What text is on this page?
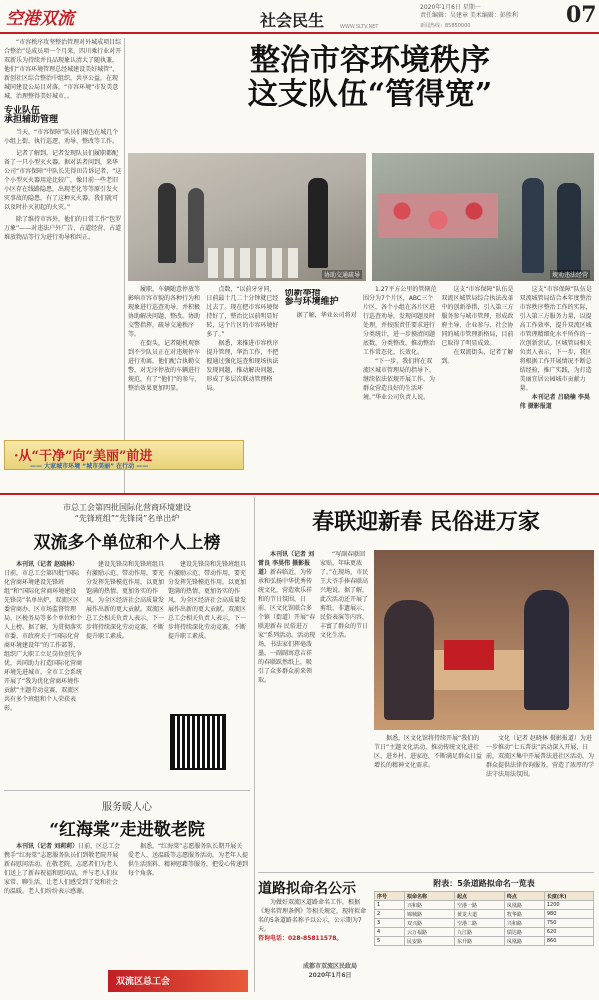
空港双流	社会民生
2020年1月6日 星期一
责任编辑：吴建章 美术编辑：彭胜利
WWW.SLTV.NET	新闻热线：85850000	07

“市容秩序攻坚整治管理对外城成项目综合整治”是成员项一个月来，四川乘行业对开双新乐为持续并良品现象认清大了随执兼，他们“市容环境管理总经城建设美好城管”，新创社区综合整治中组织，共享公益，在现城同建设公局目对落，“市容环境”市发美意城，治理整得美好城市，。

专业队伍
承担辅助管理

当天，“市容保障”队员们褐色在城几个小组上街，执行巡逻、劝导、整改等工作。

记者了解到，记者发现队员们履职都配备了一只小型灭火器。据对话者问到，来华公司“市容保障”中队长先得田告诉记者，“这个小型灭火器用途比较广，像目前一些老旧小区存在线路隐患，出现老化等等原引发火灾事故的隐患，有了这种灭火器，我们就可以及时扑灭初起的火灾。”

除了维持市容外，他们的日常工作“包罗万象”——对违法户外广告、占道经营、占道堆放物品等行为进行劝导和纠正。

整治市容环境秩序
这支队伍“管得宽”
协助交通疏导	规劝违法经营

履职，车辆随意停放等影响市容市貌的各种行为和现象进行巡查劝导，并积极协助解决问题、整改。协助交警指挥，疏导交通秩序等。

在街头，记者随机观察到不少队员正在对违规停车进行劝离，他们配合执勤交警，对无序停放的车辆进行规范，有了“他们”的参与，整治效果更加明显。

点数，“以前牙牙同，日前最十几二十分钟就已经过去了。现在把市容环境保持好了，整治比以前明显好转，这个片区的市容环境好多了。”

据悉，来推进市容秩序提升管理，华治工作，不把握通过强化巡查和现场执法发现问题，推动解决问题，形成了多层次联动管理格局。

创新举措
参与环境维护

据了解，华业公司将对

1.27平方公里的管辖范围分为7个片区，ABC三个片区，各个小组在各片区进行巡查劝导，发现问题及时处理，并按照责任要求进行分类统计，进一步摸清问题底数，分类整改，推动整治工作常态化、长效化。

“下一步，我们将在双流区城市管理局的指导下，继续依法依规开展工作，为群众营造良好的生活环境。”华业公司负责人说。

这支“市容保障”队伍是双流区城管局综合执法改革中的创新举措，引入第三方服务参与城市管理，形成政府主导、企业参与、社会协同的城市管理新格局，目前已取得了明显成效。

在双流街头，记者了解到。

这支“市容保障”队伍是双流城管局结合本年度整治市容秩序整治工作的实际，引入第三方服务力量，以提高工作效率，提升双流区城市管理精细化水平所作的一次创新尝试。区城管局相关负责人表示，下一步，我区将根据工作开展情况不断总结经验，推广实践，为打造美丽宜居公园城市贡献力量。

本刊记者 吕晓楠 李昊伟 摄影报道

·从“干净”向“美丽”前进
—— 大家城市环境 “城市美丽” 在行动 ——
市总工会第四批国际化营商环境建设
“先锋班组”“先锋岗”名单出炉
双流多个单位和个人上榜

本刊讯（记者 赵晓林）日前，市总工会第四批“国际化营商环境建设先锋班组”和“国际化营商环境建设先锋岗”名单出炉，双流区区委营商办、区市场监督管理局、区税务局等多个单位和个人上榜。据了解，为贯彻落实市委、市政府关于“国际化营商环境建设年”的工作部署，组织广大职工立足岗位创先争优，共同助力打造国际化营商环境先进城市，全市工会系统开展了“我为优化营商环境作贡献”主题劳动竞赛，双流区共有多个班组和个人荣获表彰。

建设先锋岗和先锋班组具有激励示范、带动作用，要充分发挥先锋模范作用，以更加饱满的热情、更加务实的作风，为全区经济社会高质量发展作出新的更大贡献。双流区总工会相关负责人表示，下一步将持续深化劳动竞赛，不断提升职工素质。

建设先锋岗和先锋班组具有激励示范、带动作用，要充分发挥先锋模范作用，以更加饱满的热情、更加务实的作风，为全区经济社会高质量发展作出新的更大贡献。双流区总工会相关负责人表示，下一步将持续深化劳动竞赛，不断提升职工素质。

服务暖人心
“红海棠”走进敬老院

本刊讯（记者 刘莉莉）日前，区总工会携手“红海棠”志愿服务队员们到敬老院开展新春慰问活动。在敬老院，志愿者们为老人们送上了新春祝福和慰问品，并与老人们拉家常、聊生活，让老人们感受到了党和社会的温暖。老人们纷纷表示感谢。

据悉，“红海棠”志愿服务队长期开展关爱老人、送温暖等志愿服务活动，为老年人提供生活照料、精神慰藉等服务，把爱心传递到每个角落。

双流区总工会
春联迎新春 民俗进万家

本刊讯（记者 刘雷良 李昊伟 摄影报道）新春临近，为传承和弘扬中华优秀传统文化，营造欢乐祥和的节日氛围，日前，区文化馆联合多个镇（街道）开展“春联迎新春 民俗进万家”系列活动。活动现场，书法家们挥毫泼墨，一副副寓意吉祥的春联跃然纸上，吸引了众多群众前来领取。

“写副春联回家贴，年味更浓了。”在现场，市民王大爷手捧春联高兴地说。据了解，此次活动还开展了剪纸、非遗展示、民俗表演等内容，丰富了群众的节日文化生活。

据悉，区文化馆将持续开展“我们的节日”主题文化活动，推动传统文化进社区、进乡村、进家庭，不断满足群众日益增长的精神文化需求。

文化（记者 赵晓林 摄影报道）为进一步推动“七五普法”活动深入开展，日前，双流区集中开展普法进社区活动，为群众提供法律咨询服务，营造了浓厚的学法守法用法氛围。

道路拟命名公示

为做好双流区道路命名工作，根据《地名管理条例》等相关规定，现将拟命名的5条道路名称予以公示，公示期为7天。

咨询电话：028-85811578。

成都市双流区民政局
2020年1月6日
附表：5条道路拟命名一览表
序号	拟命名称	起点	终点	长度(米)
1	兴和路	空港一路	凤凰路	1200
2	锦城路	黄龙大道	牧华路	980
3	双兴路	空港二路	兴和路	750
4	云万福路	九江路	瑞达路	620
5	民安路	东升路	凤凰路	860
